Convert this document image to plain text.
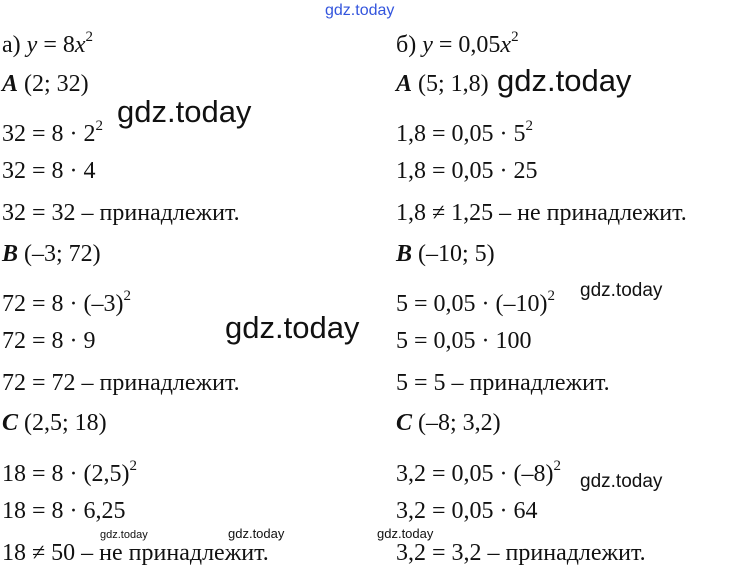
а) $y = 8x^2$
A (2; 32)
$32 = 8 \cdot 2^2$
32 = 8 · 4
32 = 32 – принадлежит.
B (–3; 72)
$72 = 8 \cdot (-3)^2$
72 = 8 · 9
72 = 72 – принадлежит.
C (2,5; 18)
$18 = 8 \cdot (2,5)^2$
18 = 8 · 6,25
18 ≠ 50 – не принадлежит.
б) $y = 0,05x^2$
A (5; 1,8)
$1,8 = 0,05 \cdot 5^2$
1,8 = 0,05 · 25
1,8 ≠ 1,25 – не принадлежит.
B (–10; 5)
$5 = 0,05 \cdot (-10)^2$
5 = 0,05 · 100
5 = 5 – принадлежит.
C (–8; 3,2)
$3,2 = 0,05 \cdot (-8)^2$
3,2 = 0,05 · 64
3,2 = 3,2 – принадлежит.
gdz.today
gdz.today
gdz.today
gdz.today
gdz.today
gdz.today
gdz.today	gdz.today	gdz.today
